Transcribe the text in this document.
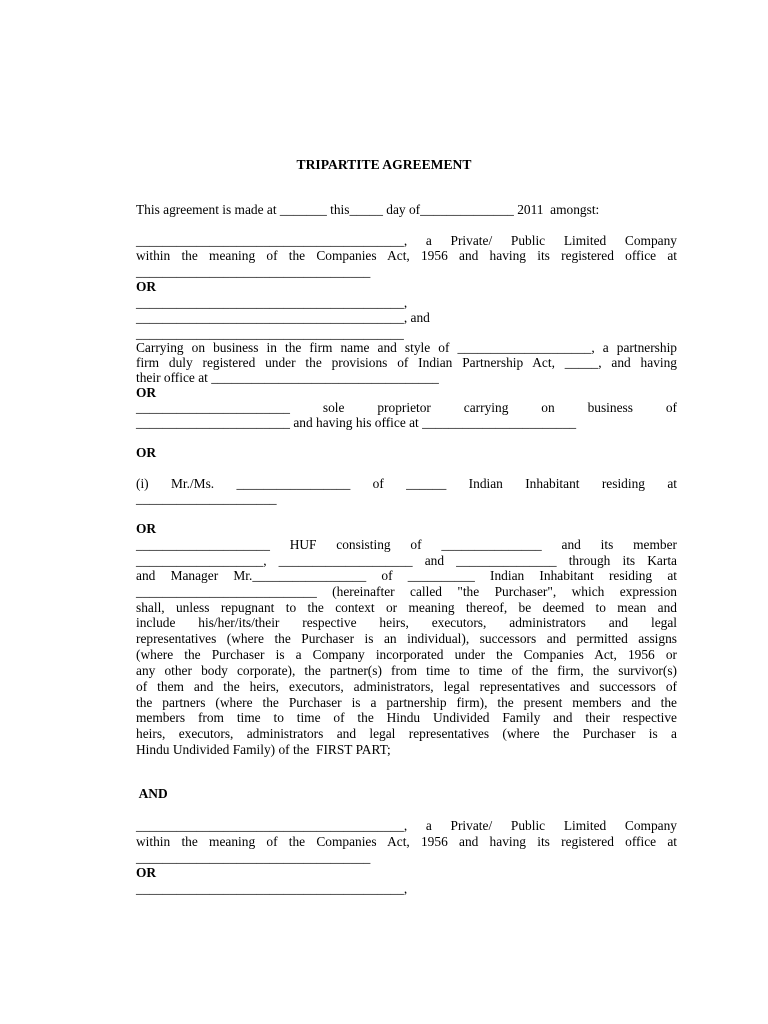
TRIPARTITE AGREEMENT
This agreement is made at _______ this_____ day of______________ 2011  amongst:
________________________________________, a Private/ Public Limited Company
within the meaning of the Companies Act, 1956 and having its registered office at
___________________________________
OR
________________________________________,
________________________________________, and
________________________________________
Carrying on business in the firm name and style of ____________________, a partnership
firm duly registered under the provisions of Indian Partnership Act, _____, and having
their office at __________________________________
OR
_______________________ sole proprietor carrying on business of
_______________________ and having his office at _______________________
OR
(i) Mr./Ms. _________________ of ______ Indian Inhabitant residing at
_____________________
OR
____________________ HUF consisting of _______________ and its member
___________________, ____________________ and _______________ through its Karta
and Manager Mr._________________ of __________ Indian Inhabitant residing at
___________________________ (hereinafter called "the Purchaser", which expression
shall, unless repugnant to the context or meaning thereof, be deemed to mean and
include his/her/its/their respective heirs, executors, administrators and legal
representatives (where the Purchaser is an individual), successors and permitted assigns
(where the Purchaser is a Company incorporated under the Companies Act, 1956 or
any other body corporate), the partner(s) from time to time of the firm, the survivor(s)
of them and the heirs, executors, administrators, legal representatives and successors of
the partners (where the Purchaser is a partnership firm), the present members and the
members from time to time of the Hindu Undivided Family and their respective
heirs, executors, administrators and legal representatives (where the Purchaser is a
Hindu Undivided Family) of the  FIRST PART;
AND
________________________________________, a Private/ Public Limited Company
within the meaning of the Companies Act, 1956 and having its registered office at
___________________________________
OR
________________________________________,
